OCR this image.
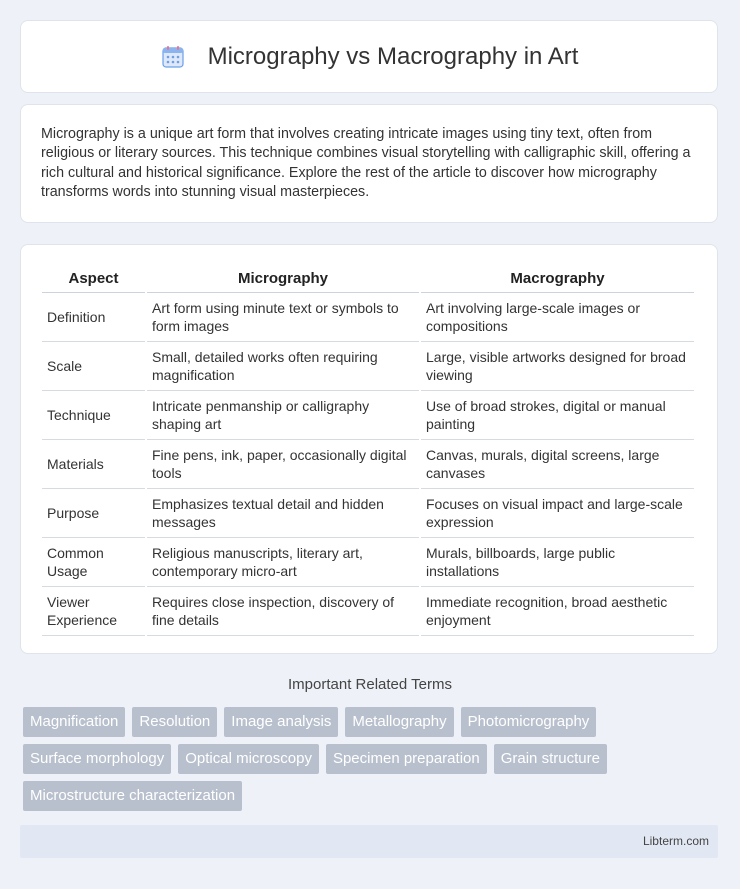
Micrography vs Macrography in Art

Micrography is a unique art form that involves creating intricate images using tiny text, often from religious or literary sources. This technique combines visual storytelling with calligraphic skill, offering a rich cultural and historical significance. Explore the rest of the article to discover how micrography transforms words into stunning visual masterpieces.

Aspect	Micrography	Macrography
Definition	Art form using minute text or symbols to form images	Art involving large-scale images or compositions
Scale	Small, detailed works often requiring magnification	Large, visible artworks designed for broad viewing
Technique	Intricate penmanship or calligraphy shaping art	Use of broad strokes, digital or manual painting
Materials	Fine pens, ink, paper, occasionally digital tools	Canvas, murals, digital screens, large canvases
Purpose	Emphasizes textual detail and hidden messages	Focuses on visual impact and large-scale expression
Common Usage	Religious manuscripts, literary art, contemporary micro-art	Murals, billboards, large public installations
Viewer Experience	Requires close inspection, discovery of fine details	Immediate recognition, broad aesthetic enjoyment
Important Related Terms
Magnification	Resolution	Image analysis	Metallography	Photomicrography
Surface morphology	Optical microscopy	Specimen preparation	Grain structure
Microstructure characterization
Libterm.com
